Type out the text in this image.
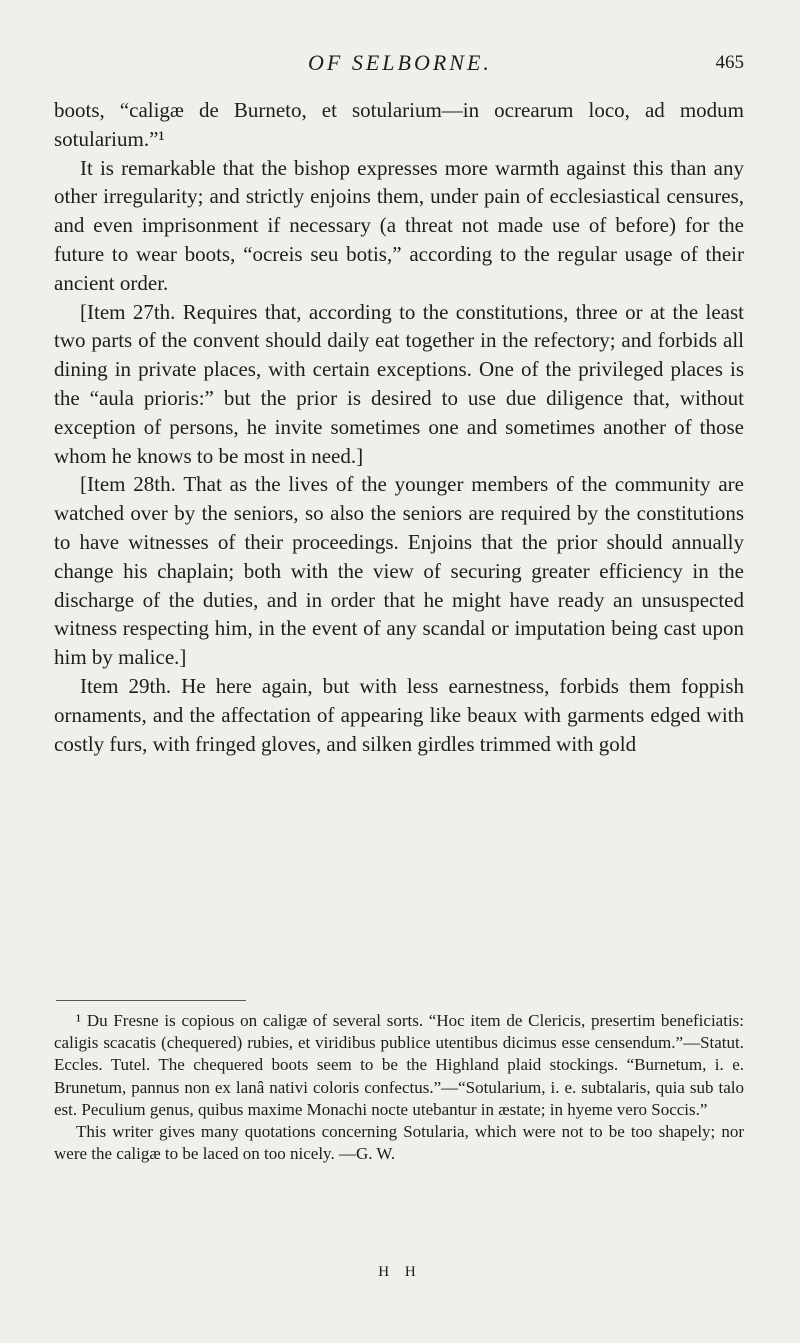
OF SELBORNE.	465

boots, “caligæ de Burneto, et sotularium—in ocrearum loco, ad modum sotularium.”¹

It is remarkable that the bishop expresses more warmth against this than any other irregularity; and strictly enjoins them, under pain of ecclesiastical censures, and even imprisonment if necessary (a threat not made use of before) for the future to wear boots, “ocreis seu botis,” according to the regular usage of their ancient order.

[Item 27th. Requires that, according to the constitutions, three or at the least two parts of the convent should daily eat together in the refectory; and forbids all dining in private places, with certain exceptions. One of the privileged places is the “aula prioris:” but the prior is desired to use due diligence that, without exception of persons, he invite sometimes one and sometimes another of those whom he knows to be most in need.]

[Item 28th. That as the lives of the younger members of the community are watched over by the seniors, so also the seniors are required by the constitutions to have witnesses of their proceedings. Enjoins that the prior should annually change his chaplain; both with the view of securing greater efficiency in the discharge of the duties, and in order that he might have ready an unsuspected witness respecting him, in the event of any scandal or imputation being cast upon him by malice.]

Item 29th. He here again, but with less earnestness, forbids them foppish ornaments, and the affectation of appearing like beaux with garments edged with costly furs, with fringed gloves, and silken girdles trimmed with gold

¹ Du Fresne is copious on caligæ of several sorts. “Hoc item de Clericis, presertim beneficiatis: caligis scacatis (chequered) rubies, et viridibus publice utentibus dicimus esse censendum.”—Statut. Eccles. Tutel. The chequered boots seem to be the Highland plaid stockings. “Burnetum, i. e. Brunetum, pannus non ex lanâ nativi coloris confectus.”—“Sotularium, i. e. subtalaris, quia sub talo est. Peculium genus, quibus maxime Monachi nocte utebantur in æstate; in hyeme vero Soccis.”

This writer gives many quotations concerning Sotularia, which were not to be too shapely; nor were the caligæ to be laced on too nicely. —G. W.

H H
